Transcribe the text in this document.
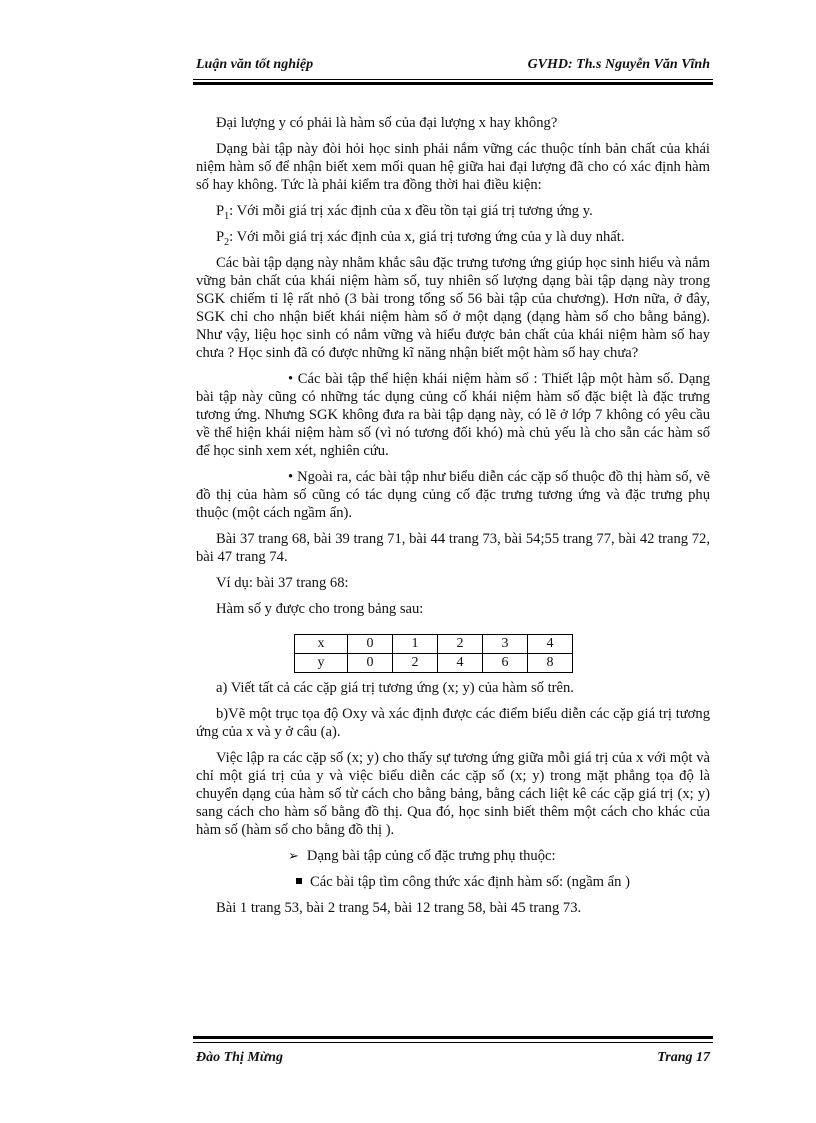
Luận văn tốt nghiệp	GVHD: Th.s Nguyễn Văn Vĩnh

Đại lượng y có phải là hàm số của đại lượng x hay không?

Dạng bài tập này đòi hỏi học sinh phải nắm vững các thuộc tính bản chất của khái niệm hàm số để nhận biết xem mối quan hệ giữa hai đại lượng đã cho có xác định hàm số hay không. Tức là phải kiểm tra đồng thời hai điều kiện:

$P_1$: Với mỗi giá trị xác định của x đều tồn tại giá trị tương ứng y.

$P_2$: Với mỗi giá trị xác định của x, giá trị tương ứng của y là duy nhất.

Các bài tập dạng này nhằm khắc sâu đặc trưng tương ứng giúp học sinh hiểu và nắm vững bản chất của khái niệm hàm số, tuy nhiên số lượng dạng bài tập dạng này trong SGK chiếm tỉ lệ rất nhỏ (3 bài trong tổng số 56 bài tập của chương). Hơn nữa, ở đây, SGK chỉ cho nhận biết khái niệm hàm số ở một dạng (dạng hàm số cho bằng bảng). Như vậy, liệu học sinh có nắm vững và hiểu được bản chất của khái niệm hàm số hay chưa ? Học sinh đã có được những kĩ năng nhận biết một hàm số hay chưa?

• Các bài tập thể hiện khái niệm hàm số : Thiết lập một hàm số. Dạng bài tập này cũng có những tác dụng củng cố khái niệm hàm số đặc biệt là đặc trưng tương ứng. Nhưng SGK không đưa ra bài tập dạng này, có lẽ ở lớp 7 không có yêu cầu về thể hiện khái niệm hàm số (vì nó tương đối khó) mà chủ yếu là cho sẵn các hàm số để học sinh xem xét, nghiên cứu.

• Ngoài ra, các bài tập như biểu diễn các cặp số thuộc đồ thị hàm số, vẽ đồ thị của hàm số cũng có tác dụng củng cố đặc trưng tương ứng và đặc trưng phụ thuộc (một cách ngầm ẩn).

Bài 37 trang 68, bài 39 trang 71, bài 44 trang 73, bài 54;55 trang 77, bài 42 trang 72, bài 47 trang 74.

Ví dụ: bài 37 trang 68:

Hàm số y được cho trong bảng sau:

x	0	1	2	3	4
y	0	2	4	6	8

a) Viết tất cả các cặp giá trị tương ứng (x; y) của hàm số trên.

b)Vẽ một trục tọa độ Oxy và xác định được các điểm biểu diễn các cặp giá trị tương ứng của x và y ở câu (a).

Việc lập ra các cặp số (x; y) cho thấy sự tương ứng giữa mỗi giá trị của x với một và chỉ một giá trị của y và việc biểu diễn các cặp số (x; y) trong mặt phẳng tọa độ là chuyển dạng của hàm số từ cách cho bằng bảng, bằng cách liệt kê các cặp giá trị (x; y) sang cách cho hàm số bằng đồ thị. Qua đó, học sinh biết thêm một cách cho khác của hàm số (hàm số cho bằng đồ thị ).

➢ Dạng bài tập củng cố đặc trưng phụ thuộc:

Các bài tập tìm công thức xác định hàm số: (ngầm ẩn )

Bài 1 trang 53, bài 2 trang 54, bài 12 trang 58, bài 45 trang 73.

Đào Thị Mừng	Trang 17
